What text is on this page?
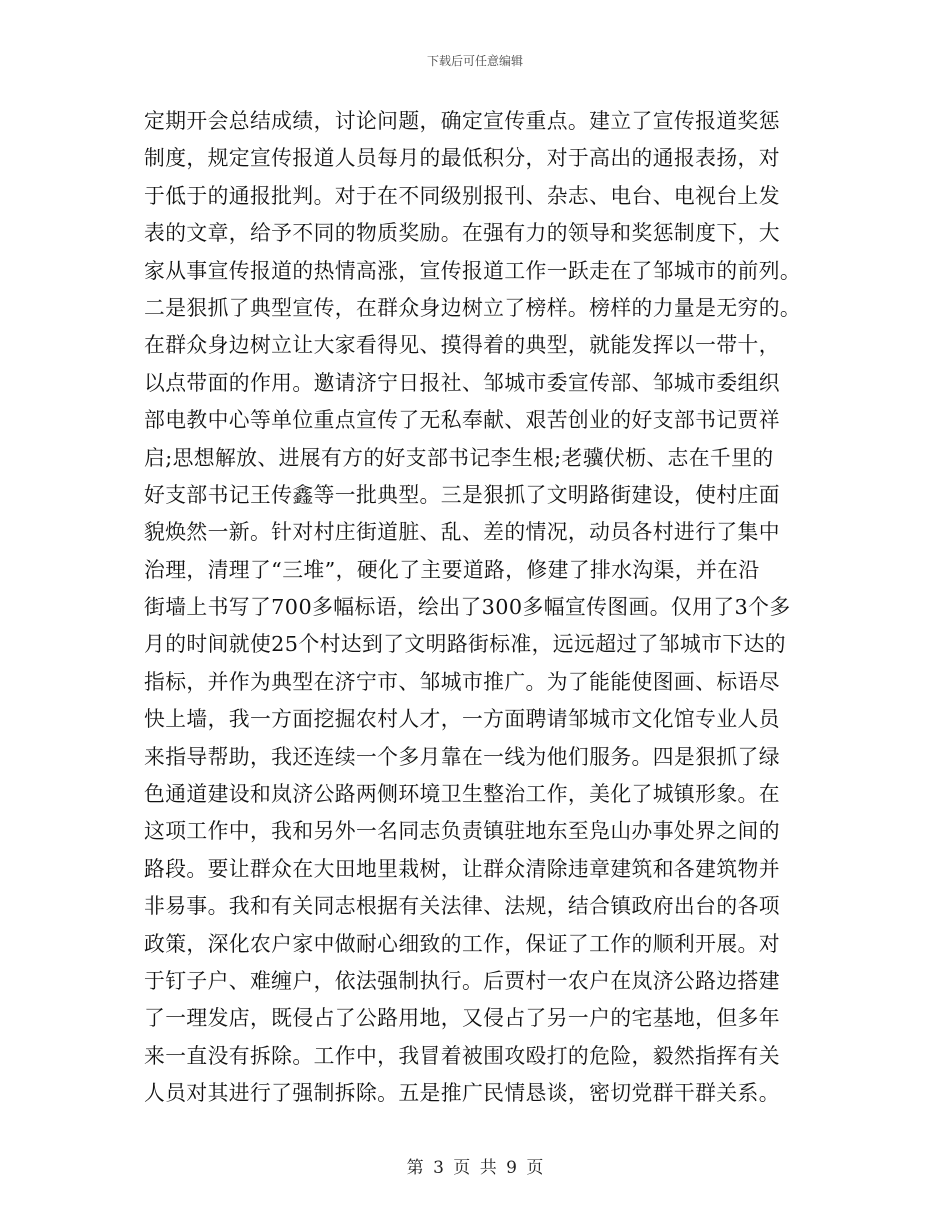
下载后可任意编辑
定期开会总结成绩，讨论问题，确定宣传重点。建立了宣传报道奖惩
制度，规定宣传报道人员每月的最低积分，对于高出的通报表扬，对
于低于的通报批判。对于在不同级别报刊、杂志、电台、电视台上发
表的文章，给予不同的物质奖励。在强有力的领导和奖惩制度下，大
家从事宣传报道的热情高涨，宣传报道工作一跃走在了邹城市的前列。
二是狠抓了典型宣传，在群众身边树立了榜样。榜样的力量是无穷的。
在群众身边树立让大家看得见、摸得着的典型，就能发挥以一带十，
以点带面的作用。邀请济宁日报社、邹城市委宣传部、邹城市委组织
部电教中心等单位重点宣传了无私奉献、艰苦创业的好支部书记贾祥
启;思想解放、进展有方的好支部书记李生根;老骥伏枥、志在千里的
好支部书记王传鑫等一批典型。三是狠抓了文明路街建设，使村庄面
貌焕然一新。针对村庄街道脏、乱、差的情况，动员各村进行了集中
治理，清理了“三堆”，硬化了主要道路，修建了排水沟渠，并在沿
街墙上书写了700多幅标语，绘出了300多幅宣传图画。仅用了3个多
月的时间就使25个村达到了文明路街标准，远远超过了邹城市下达的
指标，并作为典型在济宁市、邹城市推广。为了能能使图画、标语尽
快上墙，我一方面挖掘农村人才，一方面聘请邹城市文化馆专业人员
来指导帮助，我还连续一个多月靠在一线为他们服务。四是狠抓了绿
色通道建设和岚济公路两侧环境卫生整治工作，美化了城镇形象。在
这项工作中，我和另外一名同志负责镇驻地东至凫山办事处界之间的
路段。要让群众在大田地里栽树，让群众清除违章建筑和各建筑物并
非易事。我和有关同志根据有关法律、法规，结合镇政府出台的各项
政策，深化农户家中做耐心细致的工作，保证了工作的顺利开展。对
于钉子户、难缠户，依法强制执行。后贾村一农户在岚济公路边搭建
了一理发店，既侵占了公路用地，又侵占了另一户的宅基地，但多年
来一直没有拆除。工作中，我冒着被围攻殴打的危险，毅然指挥有关
人员对其进行了强制拆除。五是推广民情恳谈，密切党群干群关系。
第 3 页 共 9 页
